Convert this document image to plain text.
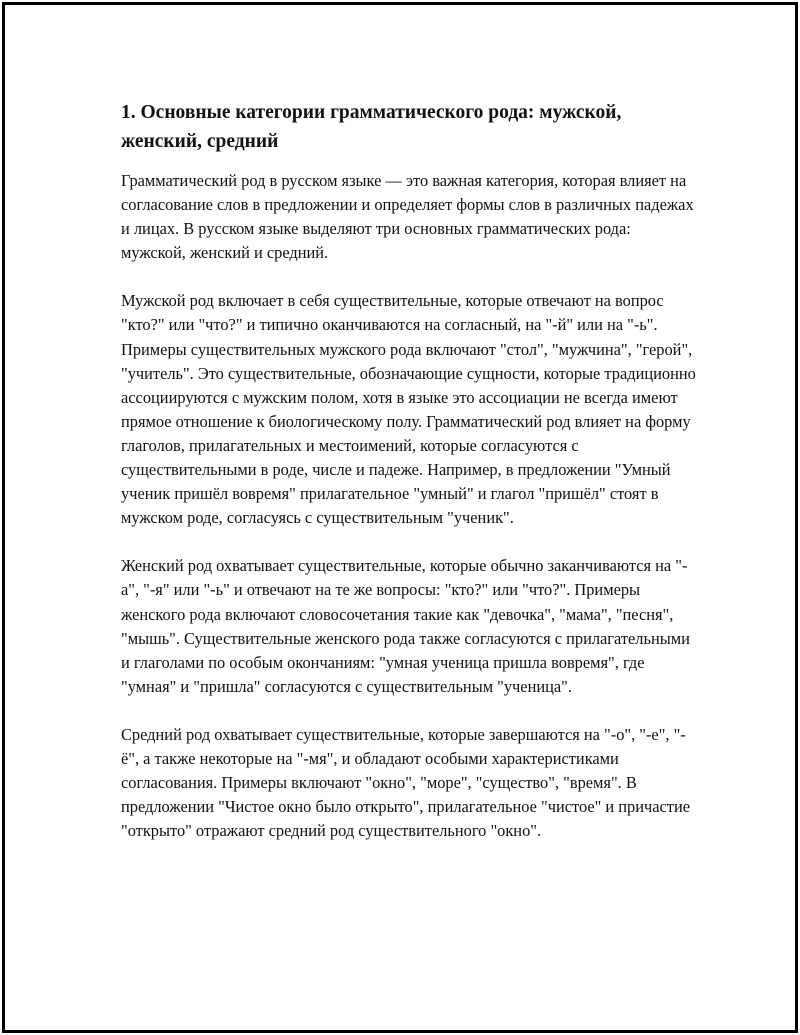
1. Основные категории грамматического рода: мужской, женский, средний

Грамматический род в русском языке — это важная категория, которая влияет на согласование слов в предложении и определяет формы слов в различных падежах и лицах. В русском языке выделяют три основных грамматических рода: мужской, женский и средний.

Мужской род включает в себя существительные, которые отвечают на вопрос "кто?" или "что?" и типично оканчиваются на согласный, на "-й" или на "-ь". Примеры существительных мужского рода включают "стол", "мужчина", "герой", "учитель". Это существительные, обозначающие сущности, которые традиционно ассоциируются с мужским полом, хотя в языке это ассоциации не всегда имеют прямое отношение к биологическому полу. Грамматический род влияет на форму глаголов, прилагательных и местоимений, которые согласуются с существительными в роде, числе и падеже. Например, в предложении "Умный ученик пришёл вовремя" прилагательное "умный" и глагол "пришёл" стоят в мужском роде, согласуясь с существительным "ученик".

Женский род охватывает существительные, которые обычно заканчиваются на "-а", "-я" или "-ь" и отвечают на те же вопросы: "кто?" или "что?". Примеры женского рода включают словосочетания такие как "девочка", "мама", "песня", "мышь". Существительные женского рода также согласуются с прилагательными и глаголами по особым окончаниям: "умная ученица пришла вовремя", где "умная" и "пришла" согласуются с существительным "ученица".

Средний род охватывает существительные, которые завершаются на "-о", "-е", "-ё", а также некоторые на "-мя", и обладают особыми характеристиками согласования. Примеры включают "окно", "море", "существо", "время". В предложении "Чистое окно было открыто", прилагательное "чистое" и причастие "открыто" отражают средний род существительного "окно".
